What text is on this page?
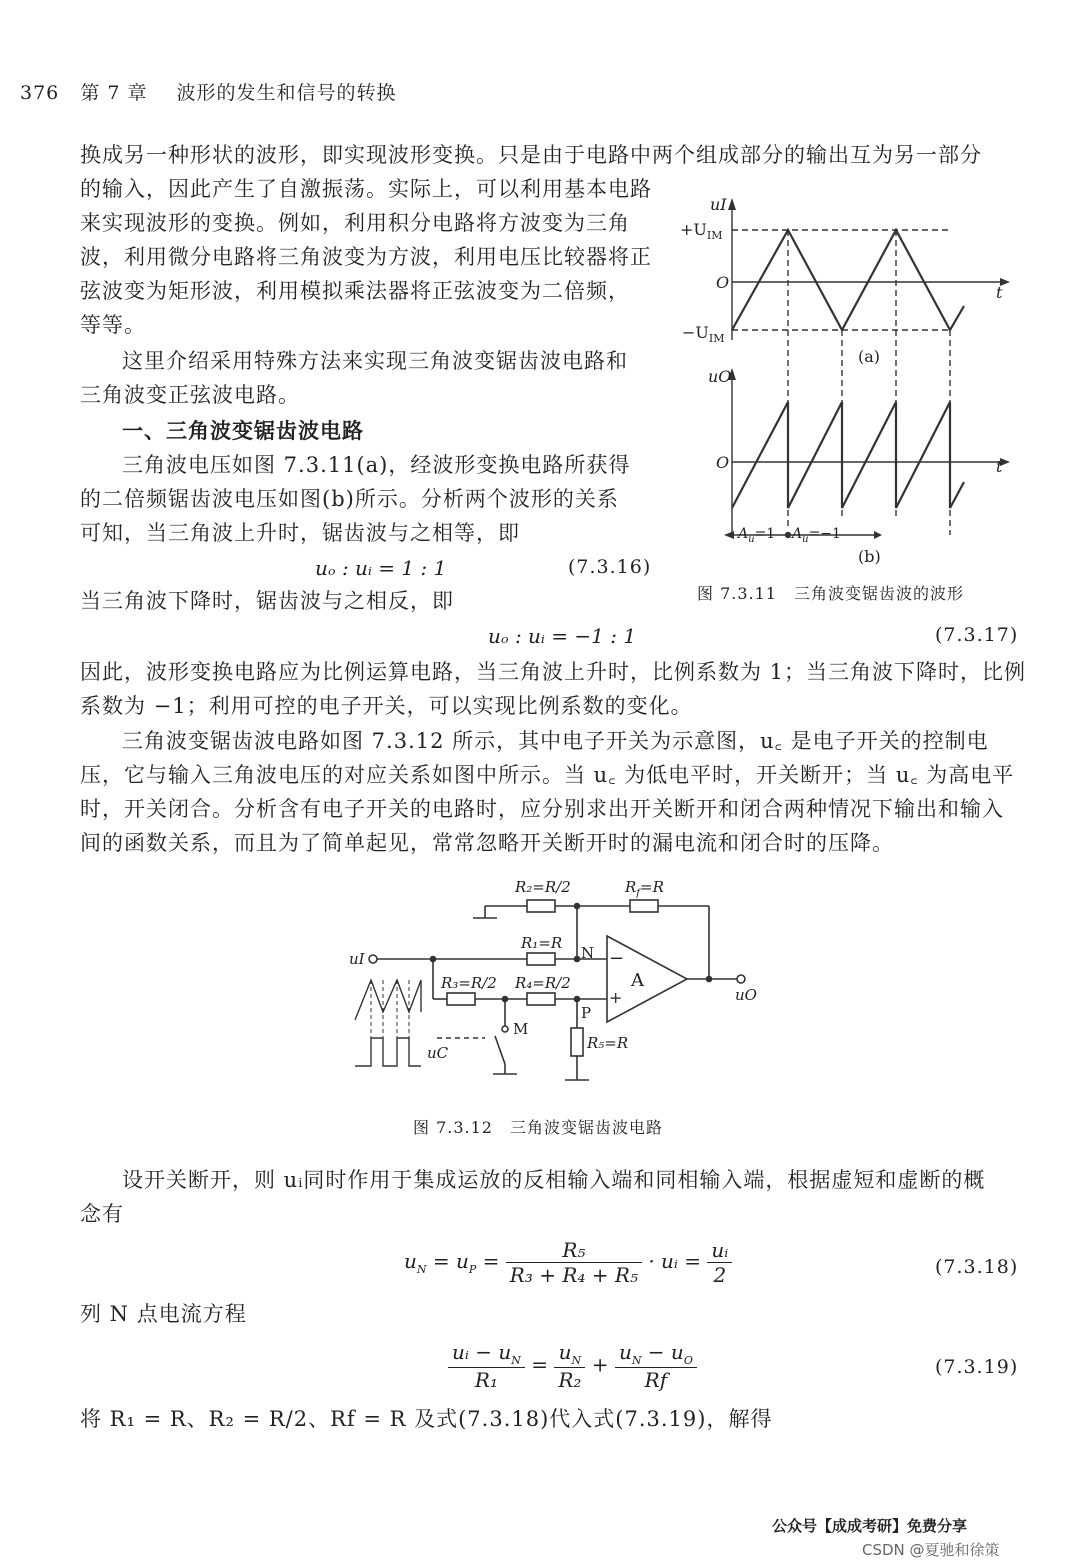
376 第 7 章 波形的发生和信号的转换
换成另一种形状的波形，即实现波形变换。只是由于电路中两个组成部分的输出互为另一部分
的输入，因此产生了自激振荡。实际上，可以利用基本电路
来实现波形的变换。例如，利用积分电路将方波变为三角
波，利用微分电路将三角波变为方波，利用电压比较器将正
弦波变为矩形波，利用模拟乘法器将正弦波变为二倍频，
等等。
这里介绍采用特殊方法来实现三角波变锯齿波电路和
三角波变正弦波电路。
一、三角波变锯齿波电路
三角波电压如图 7.3.11(a)，经波形变换电路所获得
的二倍频锯齿波电压如图(b)所示。分析两个波形的关系
可知，当三角波上升时，锯齿波与之相等，即
uₒ : uᵢ = 1 : 1	(7.3.16)
当三角波下降时，锯齿波与之相反，即
uₒ : uᵢ = −1 : 1	(7.3.17)
因此，波形变换电路应为比例运算电路，当三角波上升时，比例系数为 1；当三角波下降时，比例
系数为 −1；利用可控的电子开关，可以实现比例系数的变化。
三角波变锯齿波电路如图 7.3.12 所示，其中电子开关为示意图，u꜀ 是电子开关的控制电
压，它与输入三角波电压的对应关系如图中所示。当 u꜀ 为低电平时，开关断开；当 u꜀ 为高电平
时，开关闭合。分析含有电子开关的电路时，应分别求出开关断开和闭合两种情况下输出和输入
间的函数关系，而且为了简单起见，常常忽略开关断开时的漏电流和闭合时的压降。
uI
$+U_{IM}$
O
t
$-U_{IM}$
(a)
uO
O	t
$A_u=1$ $A_u=-1$
(b)
图 7.3.11　三角波变锯齿波的波形
R₂=R/2	$R_f=R$
R₁=R
N −
+
A
uI
uO
R₃=R/2 R₄=R/2
P
M
R₅=R
uC
图 7.3.12　三角波变锯齿波电路
设开关断开，则 uᵢ同时作用于集成运放的反相输入端和同相输入端，根据虚短和虚断的概
念有
$u_N = u_P = \frac{\text{R₅}}{\text{R₃ + R₄ + R₅}}$ · uᵢ = $\frac{\text{uᵢ}}{2}$	(7.3.18)
列 N 点电流方程
$\frac{uᵢ - u_N}{\text{R₁}} = \frac{u_N}{\text{R₂}} + \frac{u_N - u_O}{Rf}$	(7.3.19)
将 R₁ = R、R₂ = R/2、Rf = R 及式(7.3.18)代入式(7.3.19)，解得
公众号【成成考研】免费分享
CSDN @夏驰和徐策
